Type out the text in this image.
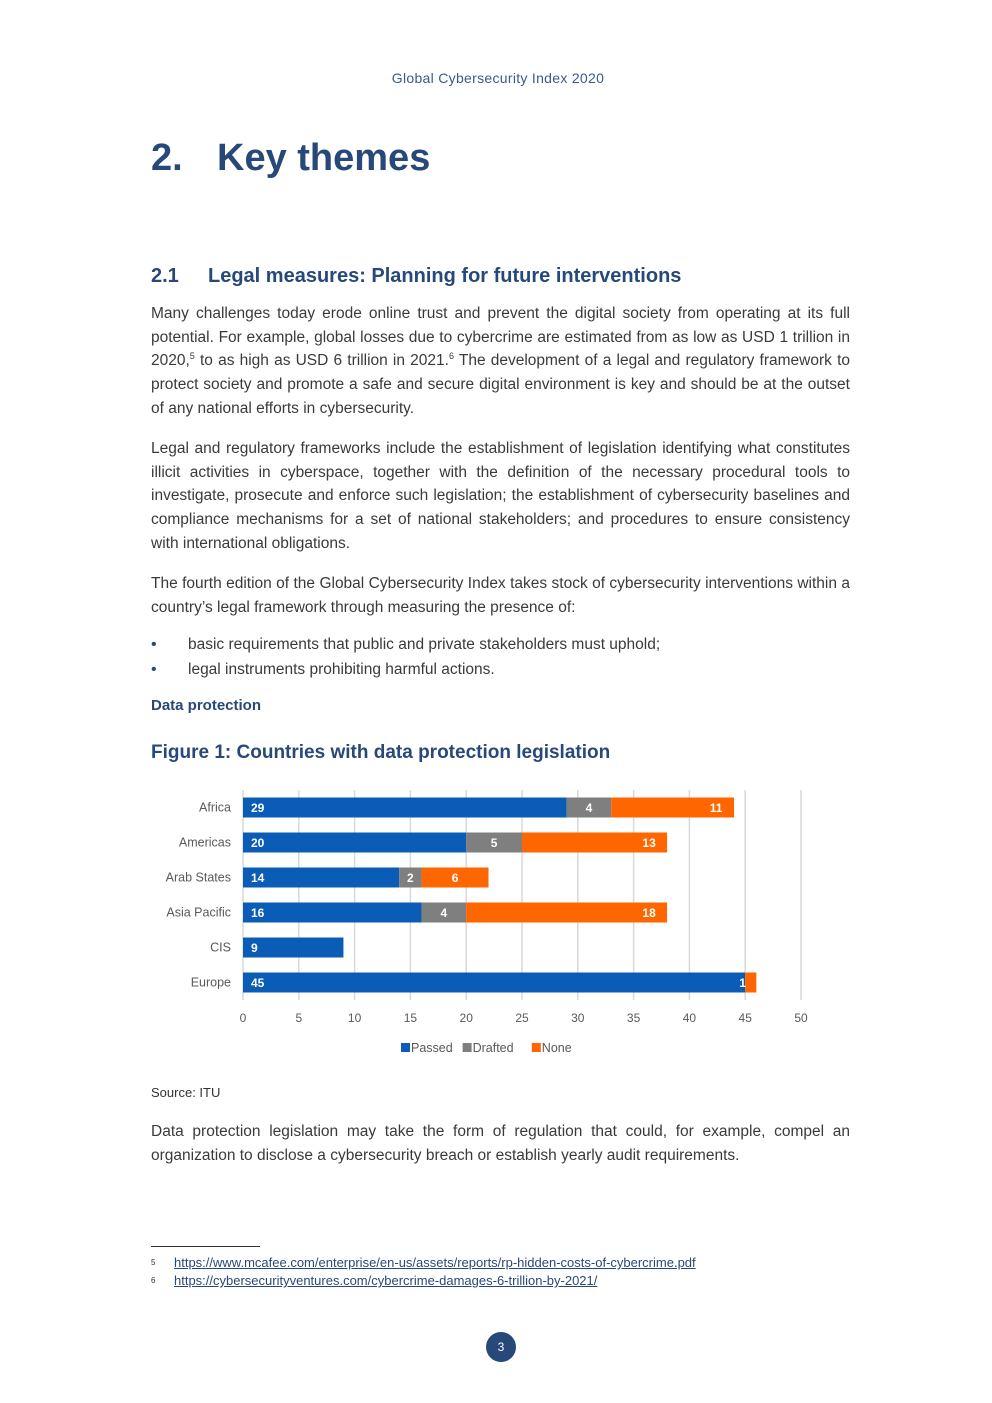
Global Cybersecurity Index 2020
2. Key themes
2.1 Legal measures: Planning for future interventions

Many challenges today erode online trust and prevent the digital society from operating at its full potential. For example, global losses due to cybercrime are estimated from as low as USD 1 trillion in 2020,$^5$ to as high as USD 6 trillion in 2021.$^6$ The development of a legal and regulatory framework to protect society and promote a safe and secure digital environment is key and should be at the outset of any national efforts in cybersecurity.

Legal and regulatory frameworks include the establishment of legislation identifying what constitutes illicit activities in cyberspace, together with the definition of the necessary procedural tools to investigate, prosecute and enforce such legislation; the establishment of cybersecurity baselines and compliance mechanisms for a set of national stakeholders; and procedures to ensure consistency with international obligations.

The fourth edition of the Global Cybersecurity Index takes stock of cybersecurity interventions within a country’s legal framework through measuring the presence of:

• basic requirements that public and private stakeholders must uphold;
• legal instruments prohibiting harmful actions.
Data protection
Figure 1: Countries with data protection legislation
0	5	10	15	20	25	30	35	40	45	50
Africa 29	4	11
Americas 20	5	13
Arab States 14	2	6
Asia Pacific 16	4	18
CIS 9
Europe 45	1
Passed Drafted None

Source: ITU

Data protection legislation may take the form of regulation that could, for example, compel an organization to disclose a cybersecurity breach or establish yearly audit requirements.

5 https://www.mcafee.com/enterprise/en-us/assets/reports/rp-hidden-costs-of-cybercrime.pdf
6 https://cybersecurityventures.com/cybercrime-damages-6-trillion-by-2021/
3
